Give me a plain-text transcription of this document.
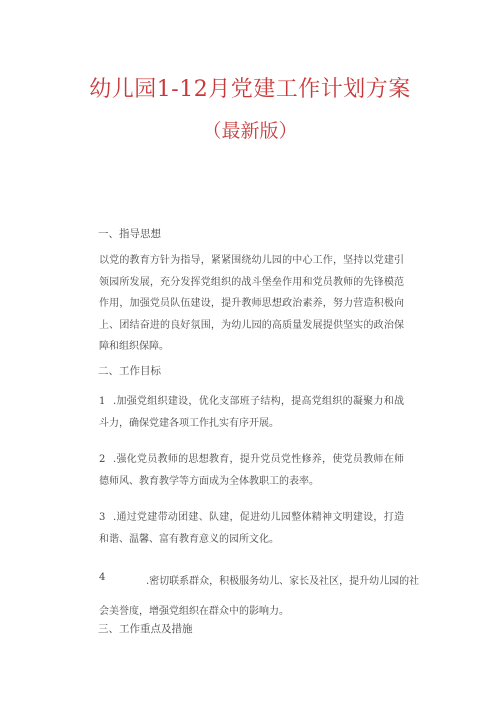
幼儿园1-12月党建工作计划方案
（最新版）

一、指导思想

以党的教育方针为指导，紧紧围绕幼儿园的中心工作，坚持以党建引领园所发展，充分发挥党组织的战斗堡垒作用和党员教师的先锋模范作用，加强党员队伍建设，提升教师思想政治素养，努力营造积极向上、团结奋进的良好氛围，为幼儿园的高质量发展提供坚实的政治保障和组织保障。

二、工作目标

1 .加强党组织建设，优化支部班子结构，提高党组织的凝聚力和战斗力，确保党建各项工作扎实有序开展。

2 .强化党员教师的思想教育，提升党员党性修养，使党员教师在师德师风、教育教学等方面成为全体教职工的表率。

3 .通过党建带动团建、队建，促进幼儿园整体精神文明建设，打造和谐、温馨、富有教育意义的园所文化。

4	.密切联系群众，积极服务幼儿、家长及社区，提升幼儿园的社

会美誉度，增强党组织在群众中的影响力。

三、工作重点及措施
